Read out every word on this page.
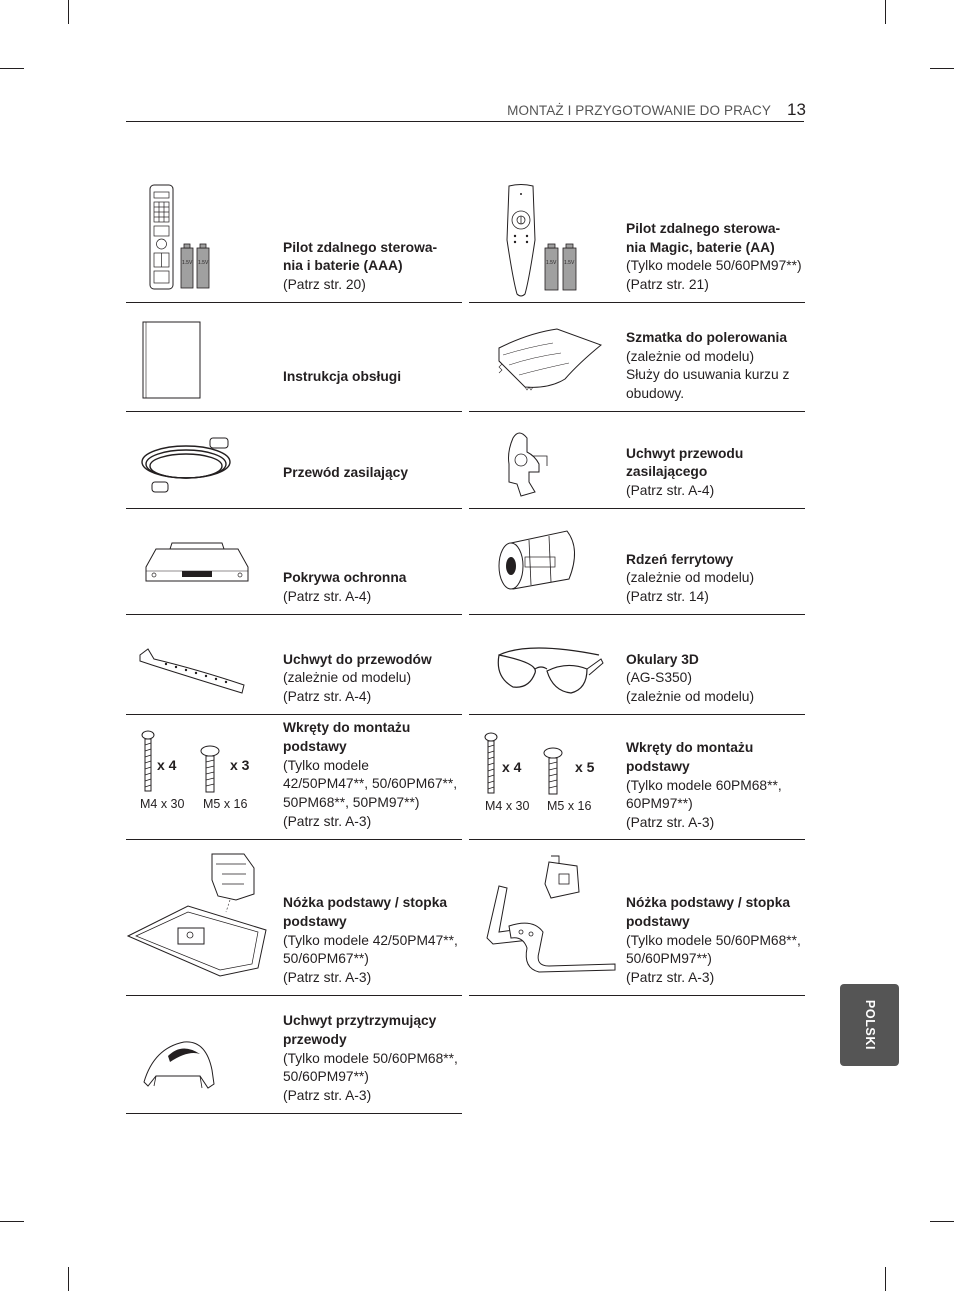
MONTAŻ I PRZYGOTOWANIE DO PRACY 13
1.5V 1.5V
Pilot zdalnego sterowa-
nia i baterie (AAA)
(Patrz str. 20)
1.5V 1.5V
Pilot zdalnego sterowa-
nia Magic, baterie (AA)
(Tylko modele 50/60PM97**)
(Patrz str. 21)
Instrukcja obsługi
Szmatka do polerowania
(zależnie od modelu)
Służy do usuwania kurzu z obudowy.
Przewód zasilający
Uchwyt przewodu
zasilającego
(Patrz str. A-4)
Pokrywa ochronna
(Patrz str. A-4)
Rdzeń ferrytowy
(zależnie od modelu)
(Patrz str. 14)
Uchwyt do przewodów
(zależnie od modelu)
(Patrz str. A-4)
Okulary 3D
(AG-S350)
(zależnie od modelu)
x 4	x 3
M4 x 30 M5 x 16
Wkręty do montażu
podstawy
(Tylko modele
42/50PM47**, 50/60PM67**,
50PM68**, 50PM97**)
(Patrz str. A-3)
x 4	x 5
M4 x 30 M5 x 16
Wkręty do montażu
podstawy
(Tylko modele 60PM68**,
60PM97**)
(Patrz str. A-3)
Nóżka podstawy / stopka
podstawy
(Tylko modele 42/50PM47**,
50/60PM67**)
(Patrz str. A-3)
Nóżka podstawy / stopka
podstawy
(Tylko modele 50/60PM68**,
50/60PM97**)
(Patrz str. A-3)
Uchwyt przytrzymujący
przewody
(Tylko modele 50/60PM68**,
50/60PM97**)
(Patrz str. A-3)
POLSKI
